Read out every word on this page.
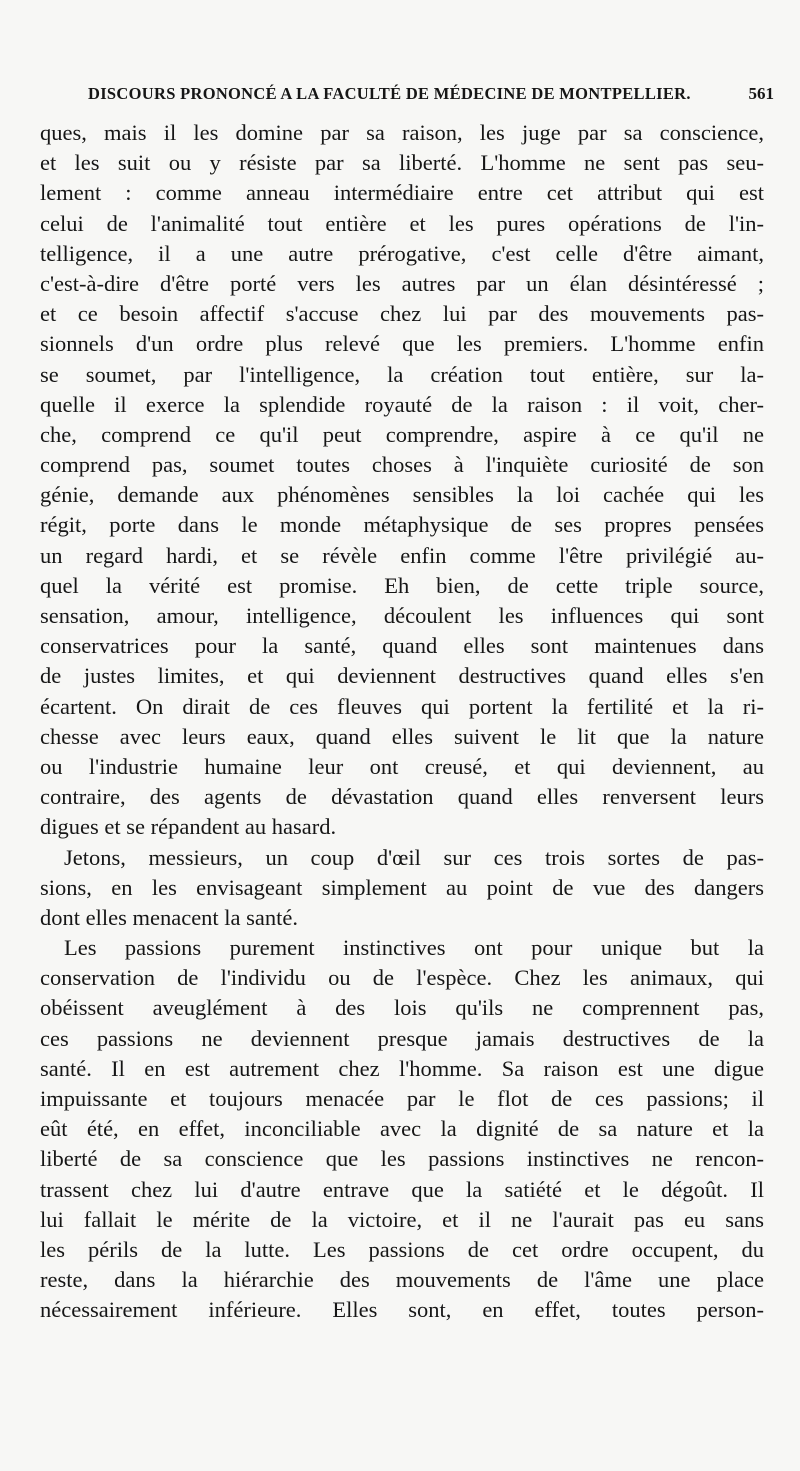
DISCOURS PRONONCÉ A LA FACULTÉ DE MÉDECINE DE MONTPELLIER.	561
ques, mais il les domine par sa raison, les juge par sa conscience,
et les suit ou y résiste par sa liberté. L'homme ne sent pas seu-
lement : comme anneau intermédiaire entre cet attribut qui est
celui de l'animalité tout entière et les pures opérations de l'in-
telligence, il a une autre prérogative, c'est celle d'être aimant,
c'est-à-dire d'être porté vers les autres par un élan désintéressé ;
et ce besoin affectif s'accuse chez lui par des mouvements pas-
sionnels d'un ordre plus relevé que les premiers. L'homme enfin
se soumet, par l'intelligence, la création tout entière, sur la-
quelle il exerce la splendide royauté de la raison : il voit, cher-
che, comprend ce qu'il peut comprendre, aspire à ce qu'il ne
comprend pas, soumet toutes choses à l'inquiète curiosité de son
génie, demande aux phénomènes sensibles la loi cachée qui les
régit, porte dans le monde métaphysique de ses propres pensées
un regard hardi, et se révèle enfin comme l'être privilégié au-
quel la vérité est promise. Eh bien, de cette triple source,
sensation, amour, intelligence, découlent les influences qui sont
conservatrices pour la santé, quand elles sont maintenues dans
de justes limites, et qui deviennent destructives quand elles s'en
écartent. On dirait de ces fleuves qui portent la fertilité et la ri-
chesse avec leurs eaux, quand elles suivent le lit que la nature
ou l'industrie humaine leur ont creusé, et qui deviennent, au
contraire, des agents de dévastation quand elles renversent leurs
digues et se répandent au hasard.
Jetons, messieurs, un coup d'œil sur ces trois sortes de pas-
sions, en les envisageant simplement au point de vue des dangers
dont elles menacent la santé.
Les passions purement instinctives ont pour unique but la
conservation de l'individu ou de l'espèce. Chez les animaux, qui
obéissent aveuglément à des lois qu'ils ne comprennent pas,
ces passions ne deviennent presque jamais destructives de la
santé. Il en est autrement chez l'homme. Sa raison est une digue
impuissante et toujours menacée par le flot de ces passions; il
eût été, en effet, inconciliable avec la dignité de sa nature et la
liberté de sa conscience que les passions instinctives ne rencon-
trassent chez lui d'autre entrave que la satiété et le dégoût. Il
lui fallait le mérite de la victoire, et il ne l'aurait pas eu sans
les périls de la lutte. Les passions de cet ordre occupent, du
reste, dans la hiérarchie des mouvements de l'âme une place
nécessairement inférieure. Elles sont, en effet, toutes person-
